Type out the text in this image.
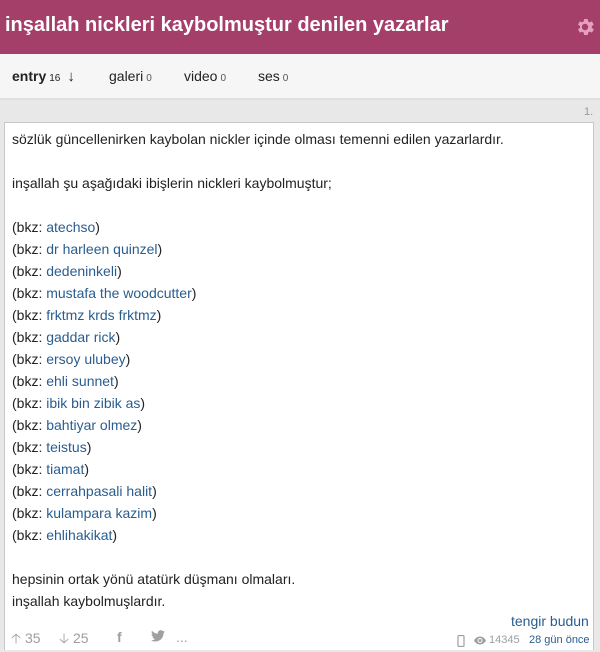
inşallah nickleri kaybolmuştur denilen yazarlar
entry 16 ↓ galeri 0 video 0 ses 0
1.
sözlük güncellenirken kaybolan nickler içinde olması temenni edilen yazarlardır.
inşallah şu aşağıdaki ibişlerin nickleri kaybolmuştur;
(bkz: atechso)
(bkz: dr harleen quinzel)
(bkz: dedeninkeli)
(bkz: mustafa the woodcutter)
(bkz: frktmz krds frktmz)
(bkz: gaddar rick)
(bkz: ersoy ulubey)
(bkz: ehli sunnet)
(bkz: ibik bin zibik as)
(bkz: bahtiyar olmez)
(bkz: teistus)
(bkz: tiamat)
(bkz: cerrahpasali halit)
(bkz: kulampara kazim)
(bkz: ehlihakikat)
hepsinin ortak yönü atatürk düşmanı olmaları.
inşallah kaybolmuşlardır.
tengir budun
🡡 35 🡣 25 f	...	14345 28 gün önce
